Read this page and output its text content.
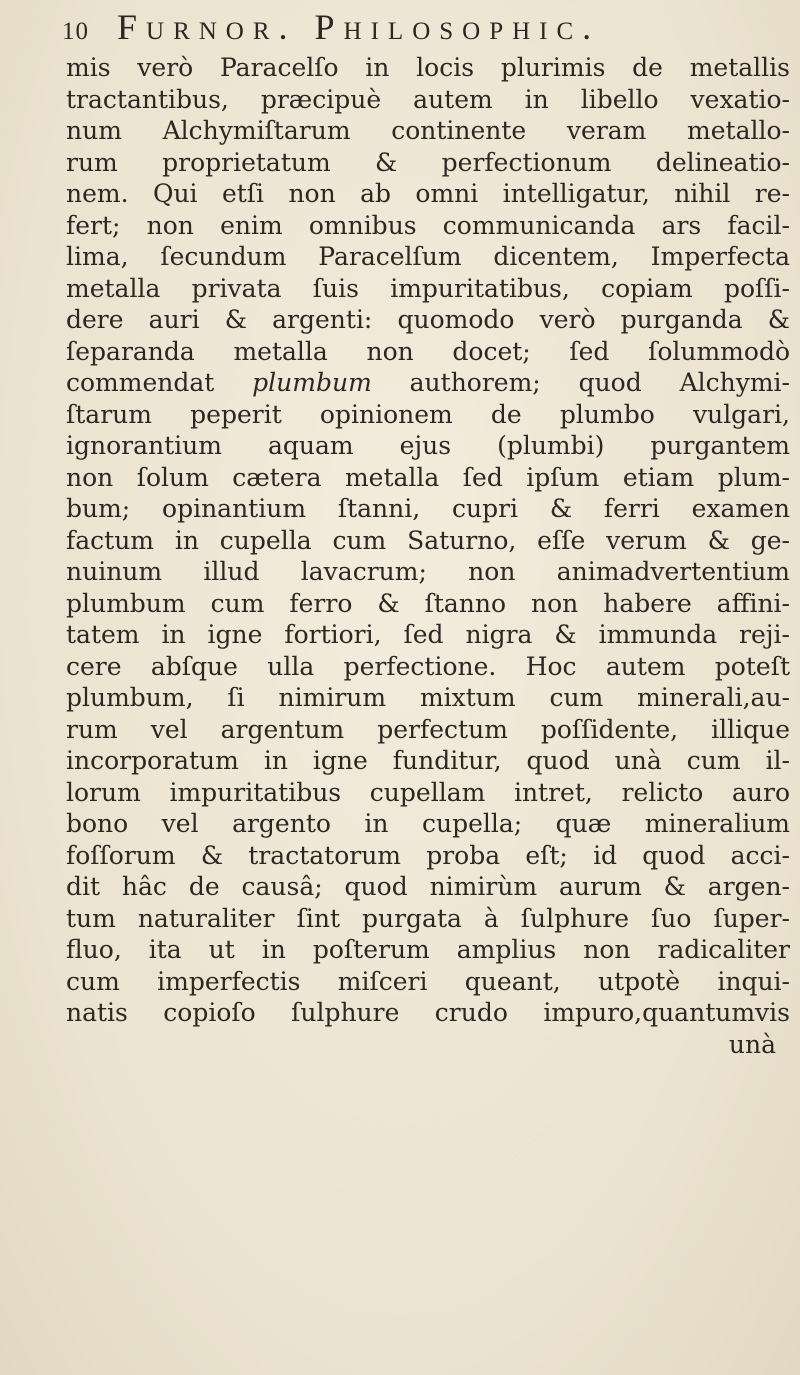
10 Furnor. Philosophic.
mis verò Paracelſo in locis plurimis de metallis
tractantibus, præcipuè autem in libello vexatio-
num Alchymiſtarum continente veram metallo-
rum proprietatum & perfectionum delineatio-
nem. Qui etſi non ab omni intelligatur, nihil re-
fert; non enim omnibus communicanda ars facil-
lima, ſecundum Paracelſum dicentem, Imperfecta
metalla privata ſuis impuritatibus, copiam poſſi-
dere auri & argenti: quomodo verò purganda &
ſeparanda metalla non docet; ſed ſolummodò
commendat plumbum authorem; quod Alchymi-
ſtarum peperit opinionem de plumbo vulgari,
ignorantium aquam ejus (plumbi) purgantem
non ſolum cætera metalla ſed ipſum etiam plum-
bum; opinantium ſtanni, cupri & ferri examen
factum in cupella cum Saturno, eſſe verum & ge-
nuinum illud lavacrum; non animadvertentium
plumbum cum ferro & ſtanno non habere affini-
tatem in igne fortiori, ſed nigra & immunda reji-
cere abſque ulla perfectione. Hoc autem poteſt
plumbum, ſi nimirum mixtum cum minerali,au-
rum vel argentum perfectum poſſidente, illique
incorporatum in igne funditur, quod unà cum il-
lorum impuritatibus cupellam intret, relicto auro
bono vel argento in cupella; quæ mineralium
foſſorum & tractatorum proba eſt; id quod acci-
dit hâc de causâ; quod nimirùm aurum & argen-
tum naturaliter ſint purgata à ſulphure ſuo ſuper-
fluo, ita ut in poſterum amplius non radicaliter
cum imperfectis miſceri queant, utpotè inqui-
natis copioſo ſulphure crudo impuro,quantumvis
unà
